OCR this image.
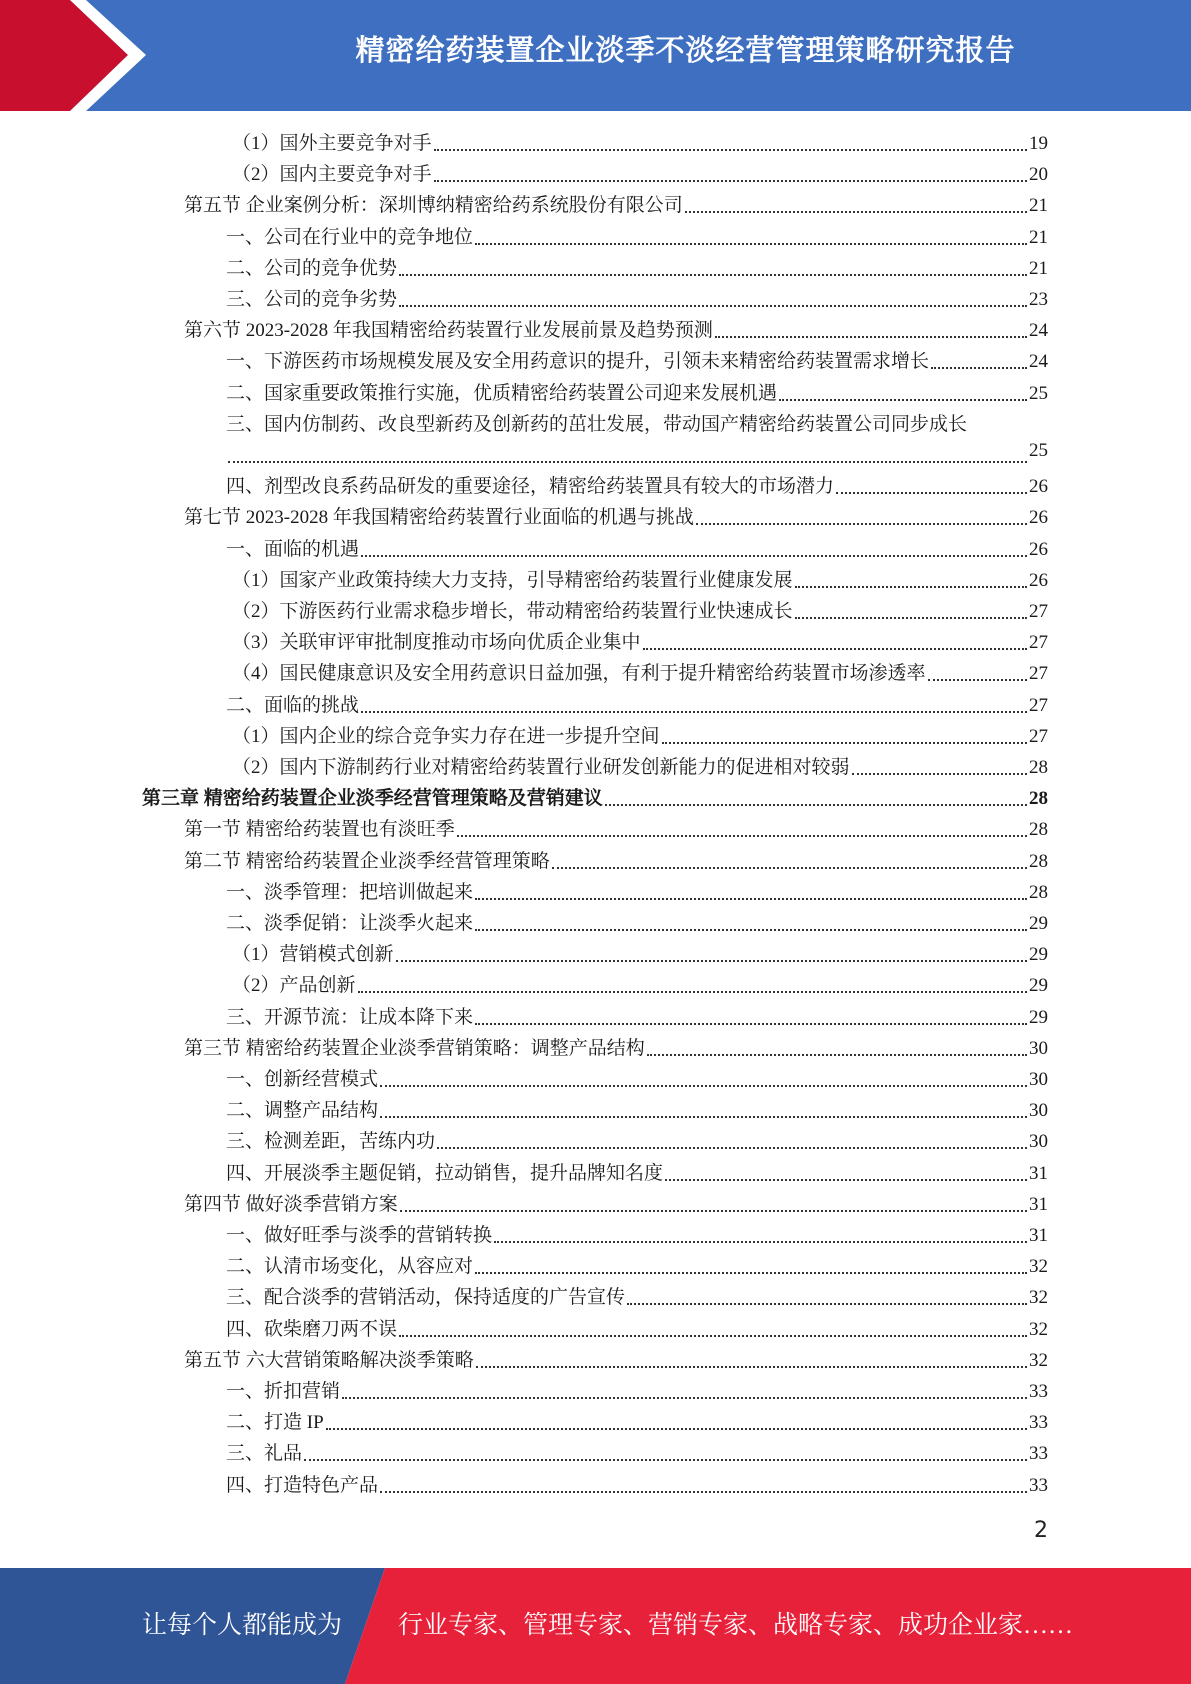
精密给药装置企业淡季不淡经营管理策略研究报告
（1）国外主要竞争对手	19
（2）国内主要竞争对手	20
第五节 企业案例分析：深圳博纳精密给药系统股份有限公司	21
一、公司在行业中的竞争地位	21
二、公司的竞争优势	21
三、公司的竞争劣势	23
第六节 2023-2028 年我国精密给药装置行业发展前景及趋势预测	24
一、下游医药市场规模发展及安全用药意识的提升，引领未来精密给药装置需求增长	24
二、国家重要政策推行实施，优质精密给药装置公司迎来发展机遇	25
三、国内仿制药、改良型新药及创新药的茁壮发展，带动国产精密给药装置公司同步成长
25
四、剂型改良系药品研发的重要途径，精密给药装置具有较大的市场潜力	26
第七节 2023-2028 年我国精密给药装置行业面临的机遇与挑战	26
一、面临的机遇	26
（1）国家产业政策持续大力支持，引导精密给药装置行业健康发展	26
（2）下游医药行业需求稳步增长，带动精密给药装置行业快速成长	27
（3）关联审评审批制度推动市场向优质企业集中	27
（4）国民健康意识及安全用药意识日益加强，有利于提升精密给药装置市场渗透率	27
二、面临的挑战	27
（1）国内企业的综合竞争实力存在进一步提升空间	27
（2）国内下游制药行业对精密给药装置行业研发创新能力的促进相对较弱	28
第三章 精密给药装置企业淡季经营管理策略及营销建议	28
第一节 精密给药装置也有淡旺季	28
第二节 精密给药装置企业淡季经营管理策略	28
一、淡季管理：把培训做起来	28
二、淡季促销：让淡季火起来	29
（1）营销模式创新	29
（2）产品创新	29
三、开源节流：让成本降下来	29
第三节 精密给药装置企业淡季营销策略：调整产品结构	30
一、创新经营模式	30
二、调整产品结构	30
三、检测差距，苦练内功	30
四、开展淡季主题促销，拉动销售，提升品牌知名度	31
第四节 做好淡季营销方案	31
一、做好旺季与淡季的营销转换	31
二、认清市场变化，从容应对	32
三、配合淡季的营销活动，保持适度的广告宣传	32
四、砍柴磨刀两不误	32
第五节 六大营销策略解决淡季策略	32
一、折扣营销	33
二、打造 IP	33
三、礼品	33
四、打造特色产品	33
2
让每个人都能成为 行业专家、管理专家、营销专家、战略专家、成功企业家……
